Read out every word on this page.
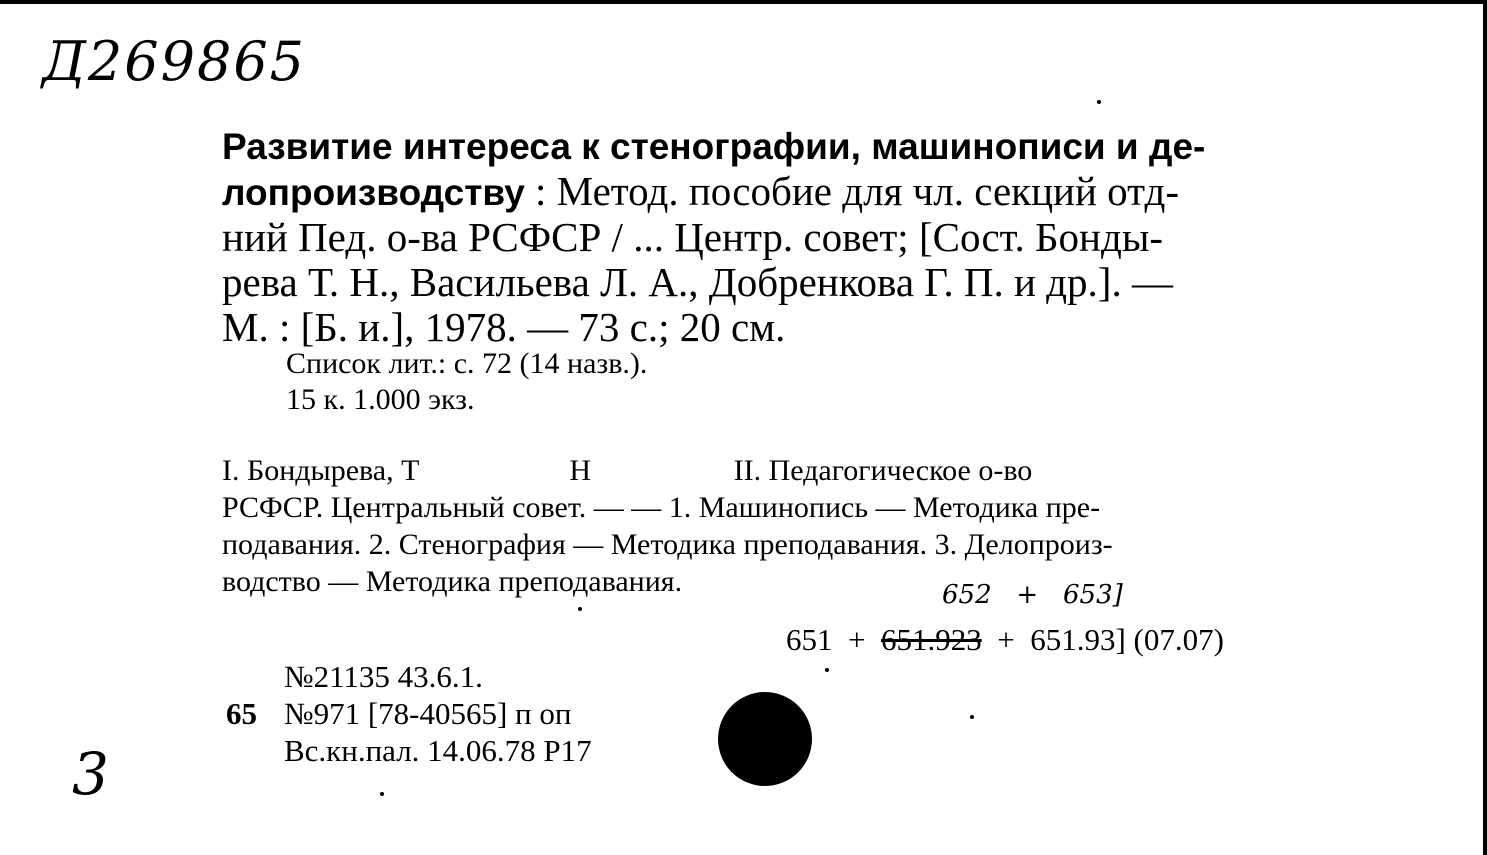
Д269865
Развитие интереса к стенографии, машинописи и де-
лопроизводству : Метод. пособие для чл. секций отд-
ний Пед. о-ва РСФСР / ... Центр. совет; [Сост. Бонды-
рева Т. Н., Васильева Л. А., Добренкова Г. П. и др.]. —
М. : [Б. и.], 1978. — 73 с.; 20 см.
Список лит.: с. 72 (14 назв.).
15 к. 1.000 экз.
I. Бондырева, Т                    Н                   II. Педагогическое о-во
РСФСР. Центральный совет. — — 1. Машинопись — Методика пре-
подавания. 2. Стенография — Методика преподавания. 3. Делопроиз-
водство — Методика преподавания.	652   +   653]
651  +  651.923  +  651.93] (07.07)
№21135 43.6.1.
65 №971 [78-40565] п оп
Вс.кн.пал. 14.06.78 Р17
3
